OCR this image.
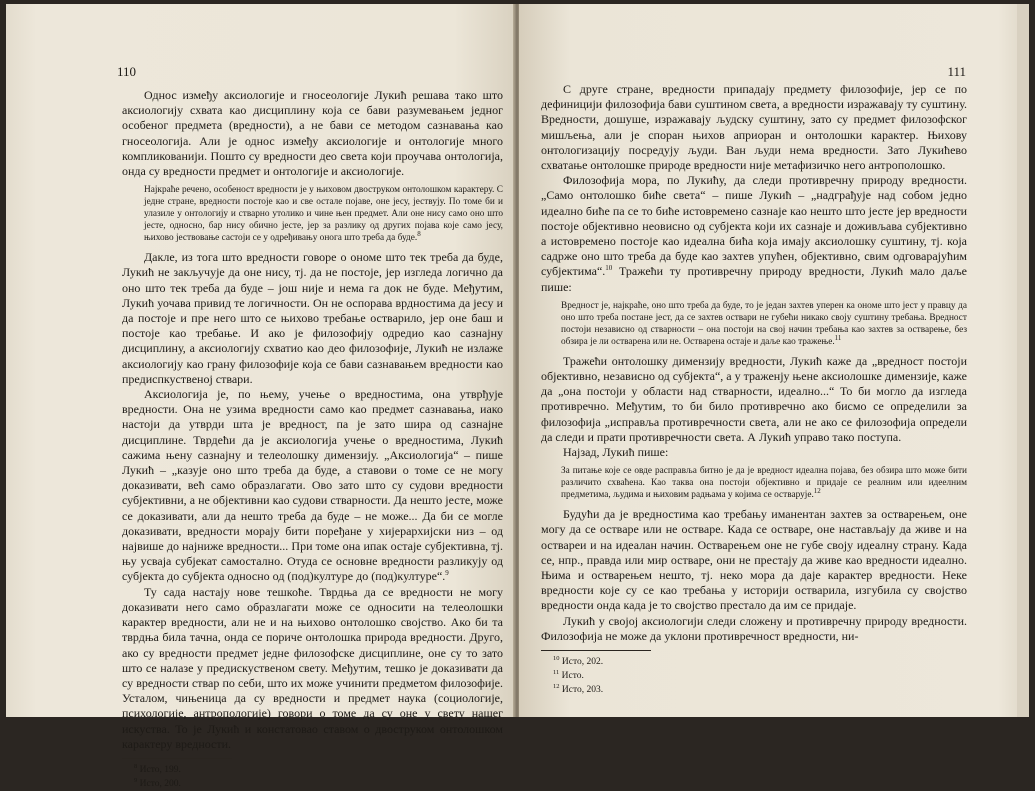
110

Однос између аксиологије и гносеологије Лукић решава тако што аксиологију схвата као дисциплину која се бави разумевањем једног особеног предмета (вредности), а не бави се методом сазнавања као гносеологија. Али је однос између аксиологије и онтологије много компликованији. Пошто су вредности део света који проучава онтологија, онда су вредности предмет и онтологије и аксиологије.

Најкраће речено, особеност вредности је у њиховом двоструком онтолошком карактеру. С једне стране, вредности постоје као и све остале појаве, оне јесу, јествују. По томе би и улазиле у онтологију и стварно утолико и чине њен предмет. Али оне нису само оно што јесте, односно, бар нису обично јесте, јер за разлику од других појава које само јесу, њихово јествовање састоји се у одређивању онога што треба да буде.$^8$

Дакле, из тога што вредности говоре о ономе што тек треба да буде, Лукић не закључује да оне нису, тј. да не постоје, јер изгледа логично да оно што тек треба да буде – још није и нема га док не буде. Међутим, Лукић уочава привид те логичности. Он не оспорава врдностима да јесу и да постоје и пре него што се њихово требање остварило, јер оне баш и постоје као требање. И ако је филозофију одредио као сазнајну дисциплину, а аксиологију схватио као део филозофије, Лукић не излаже аксиологију као грану филозофије која се бави сазнавањем вредности као предиспкуственој ствари.

Аксиологија је, по њему, учење о вредностима, она утврђује вредности. Она не узима вредности само као предмет сазнавања, иако настоји да утврди шта је вредност, па је зато шира од сазнајне дисциплине. Тврдећи да је аксиологија учење о вредностима, Лукић сажима њену сазнајну и телеолошку димензију. „Аксиологија“ – пише Лукић – „казује оно што треба да буде, а ставови о томе се не могу доказивати, већ само образлагати. Ово зато што су судови вредности субјективни, а не објективни као судови стварности. Да нешто јесте, може се доказивати, али да нешто треба да буде – не може... Да би се могле доказивати, вредности морају бити поређане у хијерархијски низ – од највише до најниже вредности... При томе она ипак остаје субјективна, тј. њу усваја субјекат самостално. Отуда се основне вредности разликују од субјекта до субјекта односно од (под)културе до (под)културе“.$^9$

Ту сада настају нове тешкоће. Тврдња да се вредности не могу доказивати него само образлагати може се односити на телеолошки карактер вредности, али не и на њихово онтолошко својство. Ако би та тврдња била тачна, онда се пориче онтолошка природа вредности. Друго, ако су вредности предмет једне филозофске дисциплине, оне су то зато што се налазе у предискуственом свету. Међутим, тешко је доказивати да су вредности ствар по себи, што их може учинити предметом филозофије. Усталом, чињеница да су вредности и предмет наука (социологије, психологије, антропологије) говори о томе да су оне у свету нашег искуства. То је Лукић и констатовао ставом о двоструком онтолошком карактеру вредности.

$^8$ Исто, 199.

$^9$ Исто, 200.

111

С друге стране, вредности припадају предмету филозофије, јер се по дефиницији филозофија бави суштином света, а вредности изражавају ту суштину. Вредности, дошуше, изражавају људску суштину, зато су предмет филозофског мишљења, али је споран њихов априоран и онтолошки карактер. Њихову онтологизацију посредују људи. Ван људи нема вредности. Зато Лукићево схватање онтолошке природе вредности није метафизичко него антрополошко.

Филозофија мора, по Лукићу, да следи противречну природу вредности. „Само онтолошко биће света“ – пише Лукић – „надграђује над собом једно идеално биће па се то биће истовремено сазнаје као нешто што јесте јер вредности постоје објективно неовисно од субјекта који их сазнаје и доживљава субјективно а истовремено постоје као идеална бића која имају аксиолошку суштину, тј. која садрже оно што треба да буде као захтев упућен, објективно, свим одговарајућим субјектима“.$^{10}$ Тражећи ту противречну природу вредности, Лукић мало даље пише:

Вредност је, најкраће, оно што треба да буде, то је један захтев уперен ка ономе што јест у правцу да оно што треба постане јест, да се захтев оствари не губећи никако своју суштину требања. Вредност постоји независно од стварности – она постоји на свој начин требања као захтев за остварење, без обзира је ли остварена или не. Остварена остаје и даље као тражење.$^{11}$

Тражећи онтолошку димензију вредности, Лукић каже да „вредност постоји објективно, независно од субјекта“, а у траженју њене аксиолошке димензије, каже да „она постоји у области над стварности, идеално...“ То би могло да изгледа противречно. Међутим, то би било противречно ако бисмо се определили за филозофија „исправља противречности света, али не ако се филозофија определи да следи и прати противречности света. А Лукић управо тако поступа.

Најзад, Лукић пише:

За питање које се овде расправља битно је да је вредност идеална појава, без обзира што може бити различито схваћена. Као таква она постоји објективно и придаје се реалним или идеелним предметима, људима и њиховим радњама у којима се остварује.$^{12}$

Будући да је вредностима као требању иманентан захтев за остварењем, оне могу да се остваре или не остваре. Када се остваре, оне настављају да живе и на оствареи и на идеалан начин. Остварењем оне не губе своју идеалну страну. Када се, нпр., правда или мир остваре, они не престају да живе као вредности идеално. Њима и остварењем нешто, тј. неко мора да даје карактер вредности. Неке вредности које су се као требања у историји остварила, изгубила су својство вредности онда када је то својство престало да им се придаје.

Лукић у својој аксиологији следи сложену и противречну природу вредности. Филозофија не може да уклони противречност вредности, ни-

$^{10}$ Исто, 202.

$^{11}$ Исто.

$^{12}$ Исто, 203.
